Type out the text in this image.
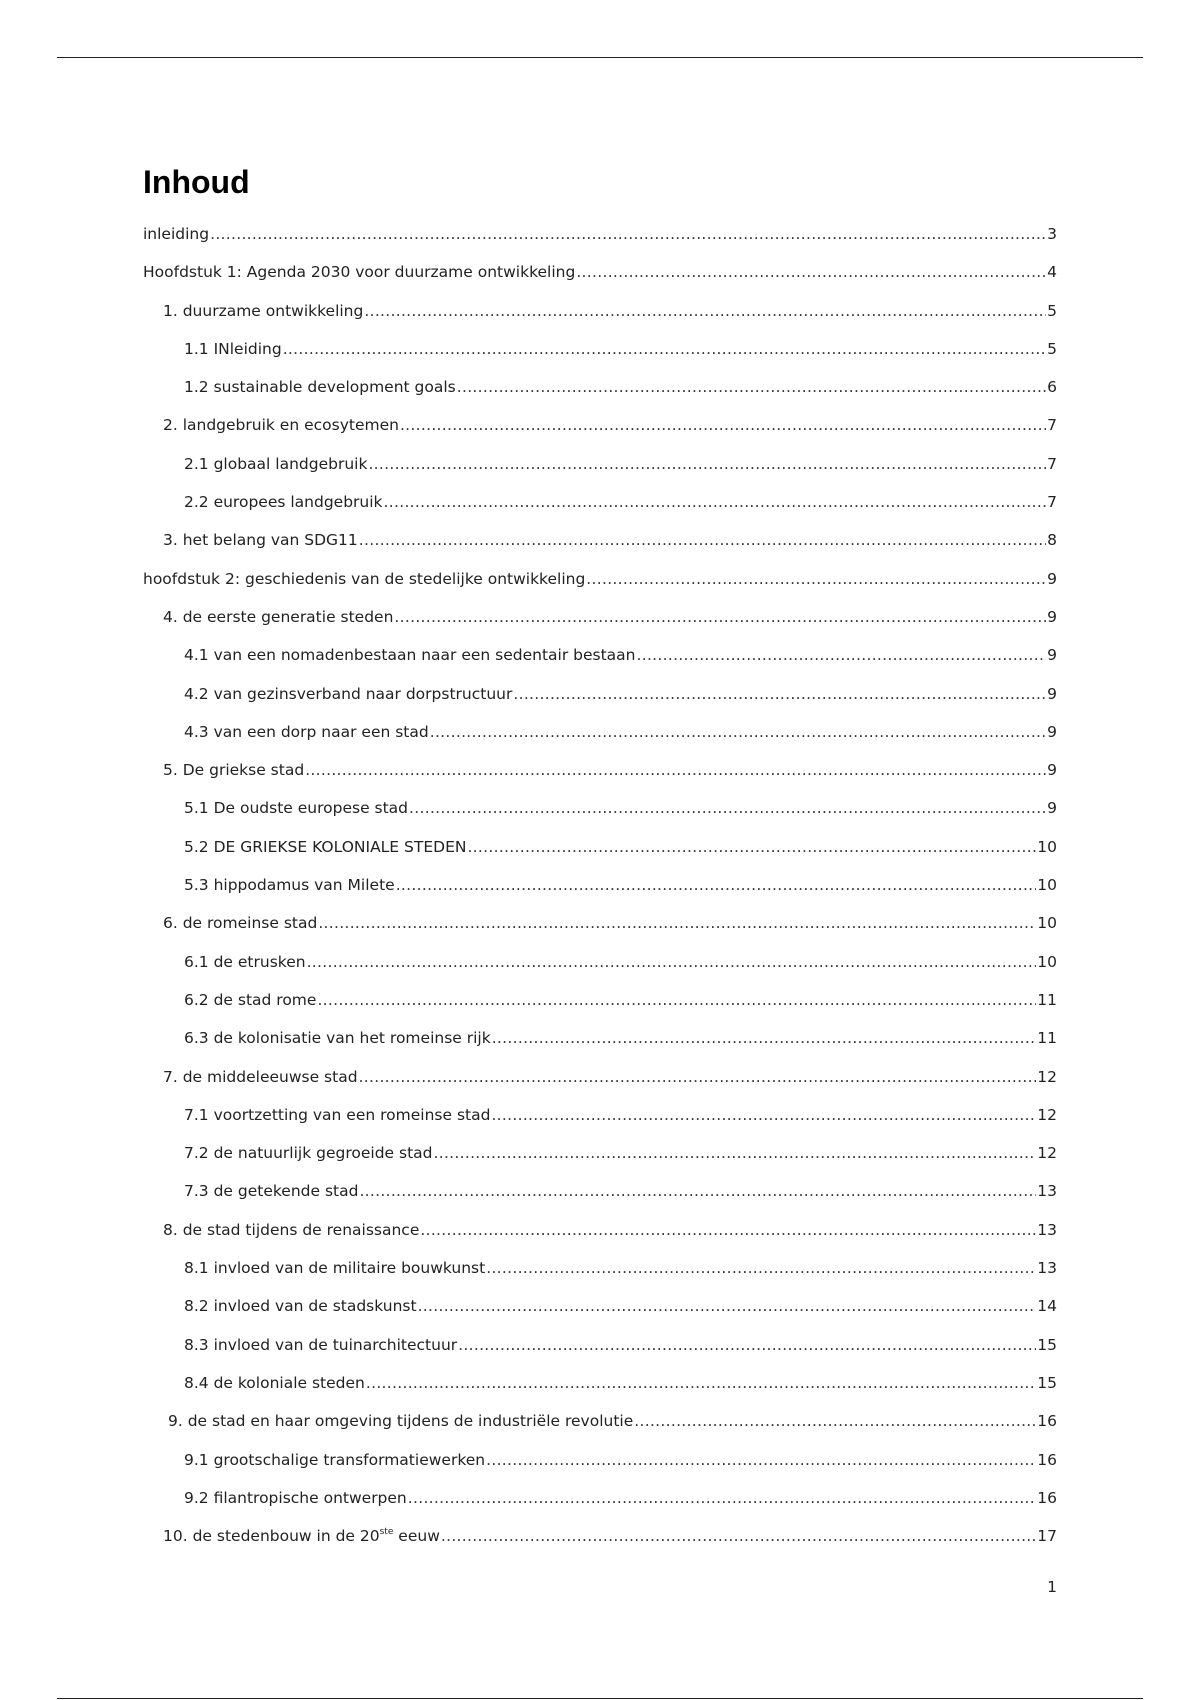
Inhoud
inleiding .....	3
Hoofdstuk 1: Agenda 2030 voor duurzame ontwikkeling .....	4
1. duurzame ontwikkeling .....	5
1.1 INleiding .....	5
1.2 sustainable development goals .....	6
2. landgebruik en ecosytemen .....	7
2.1 globaal landgebruik .....	7
2.2 europees landgebruik .....	7
3. het belang van SDG11 .....	8
hoofdstuk 2: geschiedenis van de stedelijke ontwikkeling .....	9
4. de eerste generatie steden .....	9
4.1 van een nomadenbestaan naar een sedentair bestaan .....	9
4.2 van gezinsverband naar dorpstructuur .....	9
4.3 van een dorp naar een stad .....	9
5. De griekse stad .....	9
5.1 De oudste europese stad .....	9
5.2 DE GRIEKSE KOLONIALE STEDEN .....	10
5.3 hippodamus van Milete .....	10
6. de romeinse stad .....	10
6.1 de etrusken .....	10
6.2 de stad rome .....	11
6.3 de kolonisatie van het romeinse rijk .....	11
7. de middeleeuwse stad .....	12
7.1 voortzetting van een romeinse stad .....	12
7.2 de natuurlijk gegroeide stad .....	12
7.3 de getekende stad .....	13
8. de stad tijdens de renaissance .....	13
8.1 invloed van de militaire bouwkunst .....	13
8.2 invloed van de stadskunst .....	14
8.3 invloed van de tuinarchitectuur .....	15
8.4 de koloniale steden .....	15
9. de stad en haar omgeving tijdens de industriële revolutie .....	16
9.1 grootschalige transformatiewerken .....	16
9.2 filantropische ontwerpen .....	16
10. de stedenbouw in de 20ste eeuw .....	17
1
